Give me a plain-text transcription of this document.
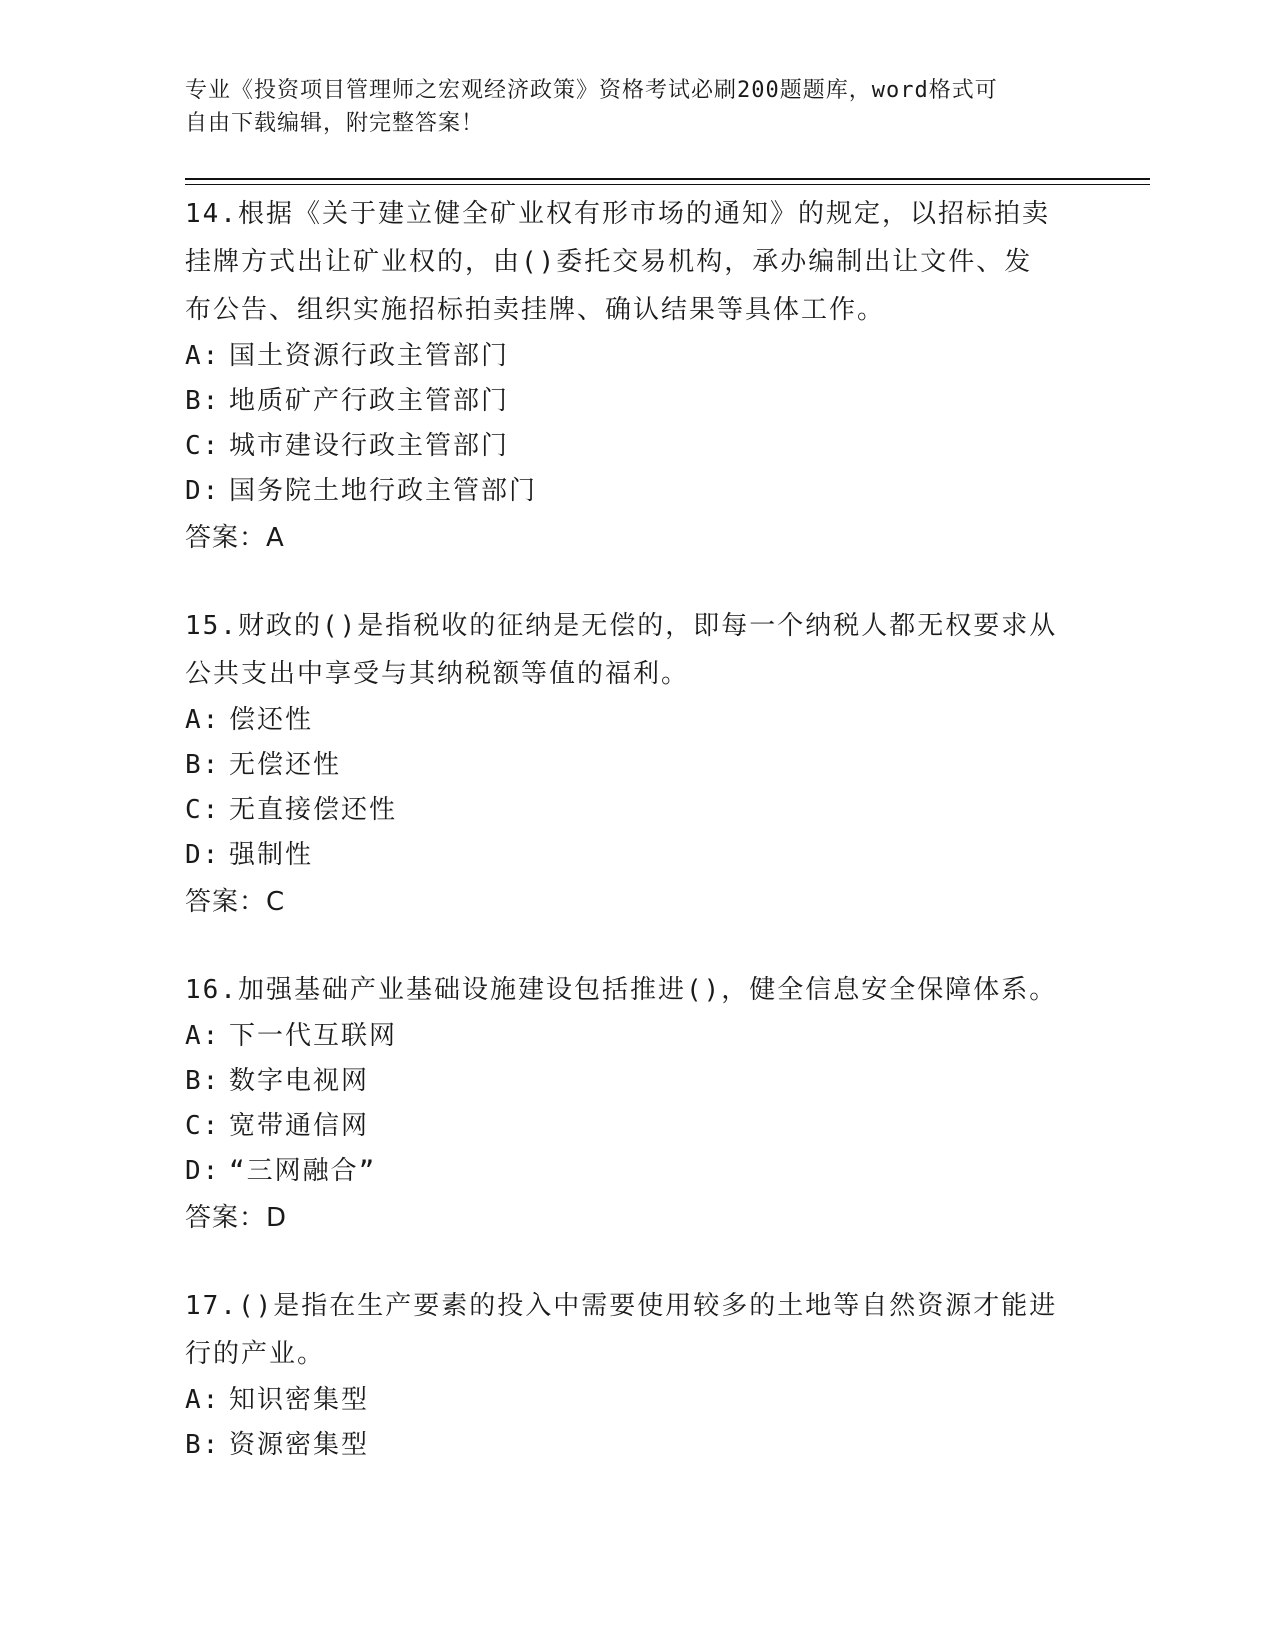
专业《投资项目管理师之宏观经济政策》资格考试必刷200题题库，word格式可
自由下载编辑，附完整答案！
14.根据《关于建立健全矿业权有形市场的通知》的规定，以招标拍卖
挂牌方式出让矿业权的，由()委托交易机构，承办编制出让文件、发
布公告、组织实施招标拍卖挂牌、确认结果等具体工作。
A: 国土资源行政主管部门
B: 地质矿产行政主管部门
C: 城市建设行政主管部门
D: 国务院土地行政主管部门
答案：A
15.财政的()是指税收的征纳是无偿的，即每一个纳税人都无权要求从
公共支出中享受与其纳税额等值的福利。
A: 偿还性
B: 无偿还性
C: 无直接偿还性
D: 强制性
答案：C
16.加强基础产业基础设施建设包括推进()，健全信息安全保障体系。
A: 下一代互联网
B: 数字电视网
C: 宽带通信网
D: “三网融合”
答案：D
17.()是指在生产要素的投入中需要使用较多的土地等自然资源才能进
行的产业。
A: 知识密集型
B: 资源密集型
